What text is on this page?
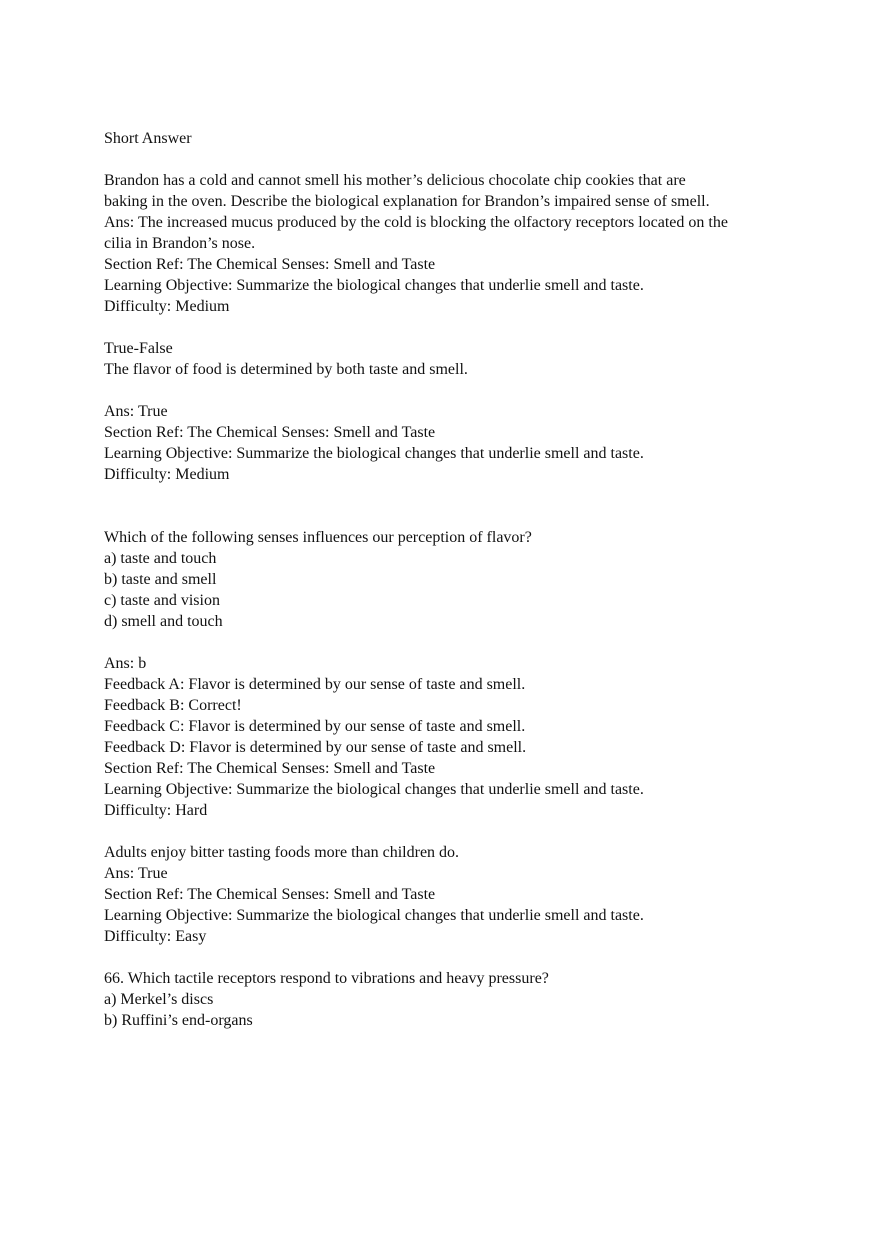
Short Answer

Brandon has a cold and cannot smell his mother’s delicious chocolate chip cookies that are

baking in the oven. Describe the biological explanation for Brandon’s impaired sense of smell.

Ans: The increased mucus produced by the cold is blocking the olfactory receptors located on the

cilia in Brandon’s nose.

Section Ref: The Chemical Senses: Smell and Taste

Learning Objective: Summarize the biological changes that underlie smell and taste.

Difficulty: Medium

True-False

The flavor of food is determined by both taste and smell.

Ans: True

Section Ref: The Chemical Senses: Smell and Taste

Learning Objective: Summarize the biological changes that underlie smell and taste.

Difficulty: Medium

Which of the following senses influences our perception of flavor?

a) taste and touch

b) taste and smell

c) taste and vision

d) smell and touch

Ans: b

Feedback A: Flavor is determined by our sense of taste and smell.

Feedback B: Correct!

Feedback C: Flavor is determined by our sense of taste and smell.

Feedback D: Flavor is determined by our sense of taste and smell.

Section Ref: The Chemical Senses: Smell and Taste

Learning Objective: Summarize the biological changes that underlie smell and taste.

Difficulty: Hard

Adults enjoy bitter tasting foods more than children do.

Ans: True

Section Ref: The Chemical Senses: Smell and Taste

Learning Objective: Summarize the biological changes that underlie smell and taste.

Difficulty: Easy

66. Which tactile receptors respond to vibrations and heavy pressure?

a) Merkel’s discs

b) Ruffini’s end-organs
